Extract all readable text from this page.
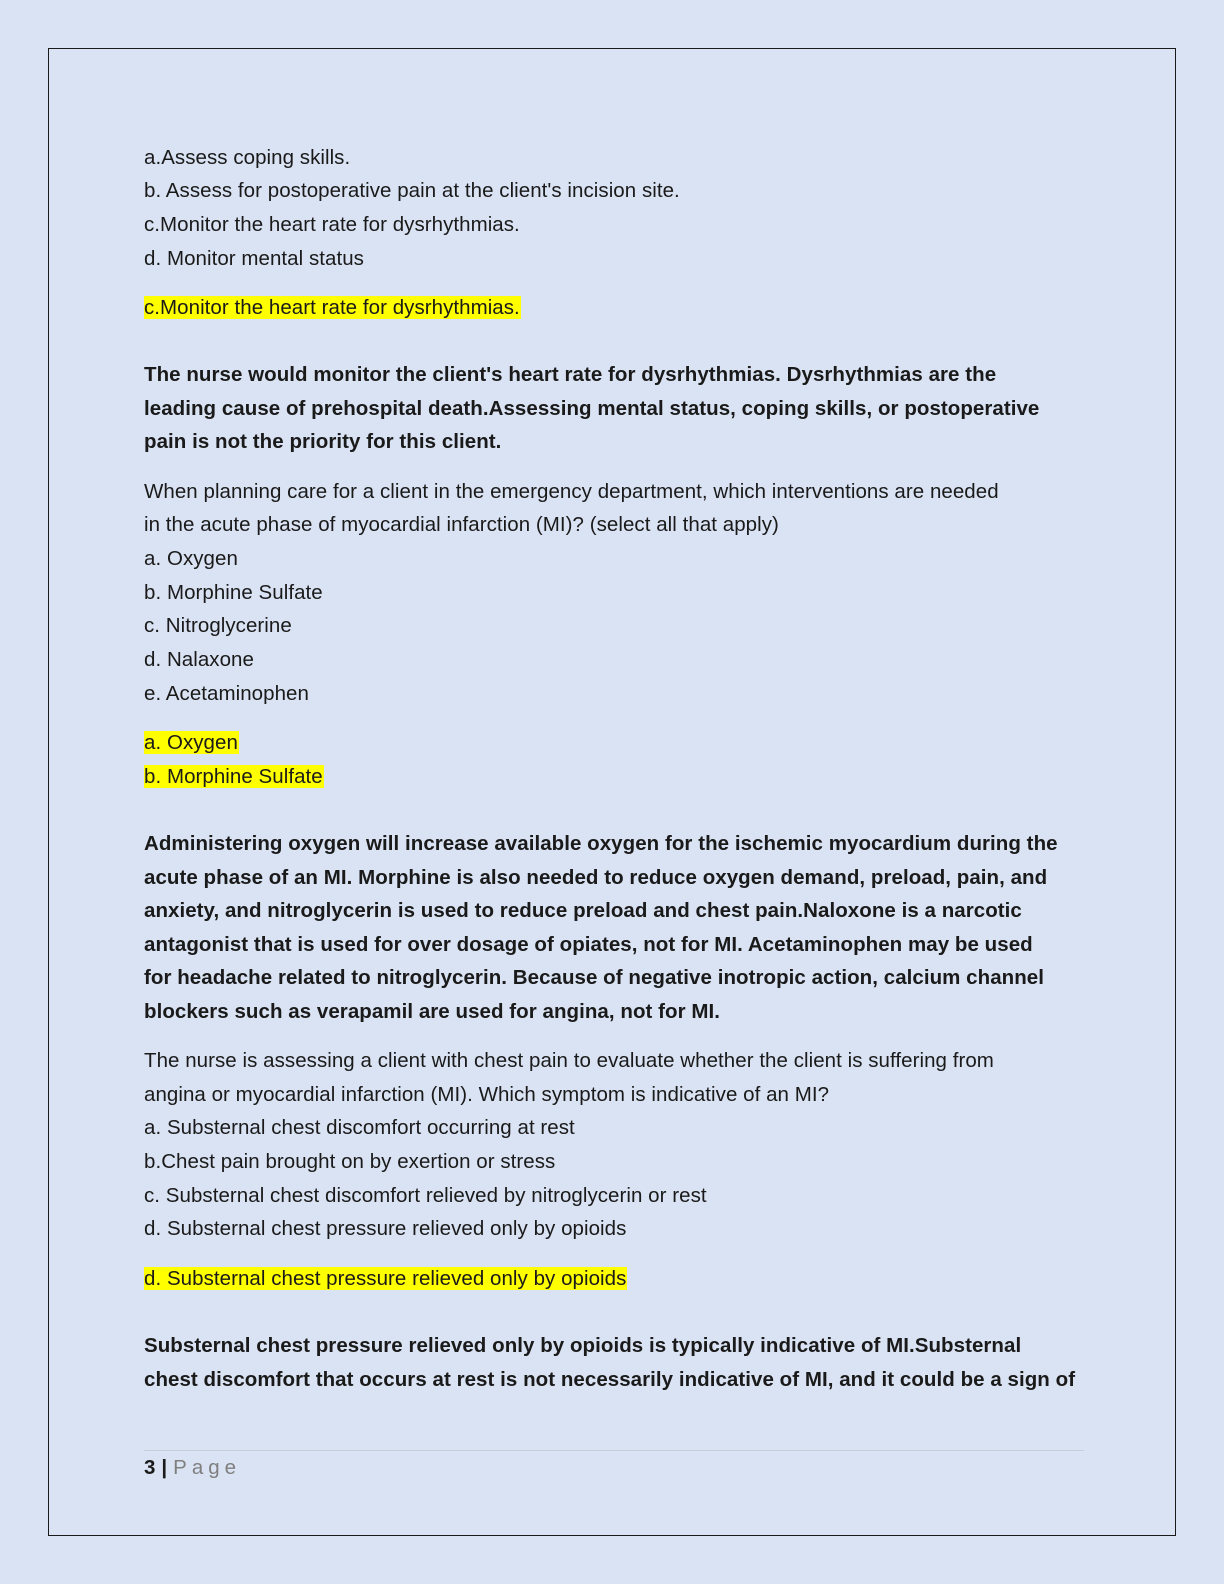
a.Assess coping skills.
b. Assess for postoperative pain at the client's incision site.
c.Monitor the heart rate for dysrhythmias.
d. Monitor mental status
c.Monitor the heart rate for dysrhythmias.
The nurse would monitor the client's heart rate for dysrhythmias. Dysrhythmias are the
leading cause of prehospital death.Assessing mental status, coping skills, or postoperative
pain is not the priority for this client.
When planning care for a client in the emergency department, which interventions are needed
in the acute phase of myocardial infarction (MI)? (select all that apply)
a. Oxygen
b. Morphine Sulfate
c. Nitroglycerine
d. Nalaxone
e. Acetaminophen
a. Oxygen
b. Morphine Sulfate
Administering oxygen will increase available oxygen for the ischemic myocardium during the
acute phase of an MI. Morphine is also needed to reduce oxygen demand, preload, pain, and
anxiety, and nitroglycerin is used to reduce preload and chest pain.Naloxone is a narcotic
antagonist that is used for over dosage of opiates, not for MI. Acetaminophen may be used
for headache related to nitroglycerin. Because of negative inotropic action, calcium channel
blockers such as verapamil are used for angina, not for MI.
The nurse is assessing a client with chest pain to evaluate whether the client is suffering from
angina or myocardial infarction (MI). Which symptom is indicative of an MI?
a. Substernal chest discomfort occurring at rest
b.Chest pain brought on by exertion or stress
c. Substernal chest discomfort relieved by nitroglycerin or rest
d. Substernal chest pressure relieved only by opioids
d. Substernal chest pressure relieved only by opioids
Substernal chest pressure relieved only by opioids is typically indicative of MI.Substernal
chest discomfort that occurs at rest is not necessarily indicative of MI, and it could be a sign of
3 | Page
